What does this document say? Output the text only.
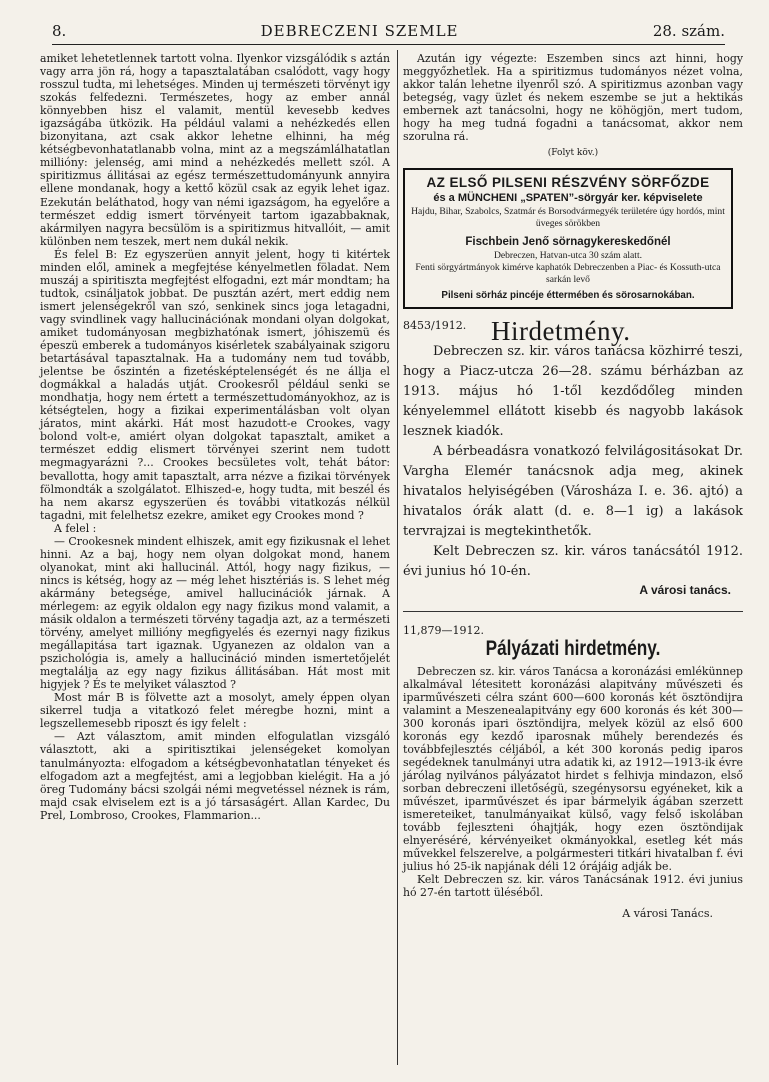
8.	DEBRECZENI SZEMLE	28. szám.

amiket lehetetlennek tartott volna. Ilyenkor vizsgálódik s aztán vagy arra jön rá, hogy a tapasztalatában csalódott, vagy hogy rosszul tudta, mi lehetséges. Minden uj természeti törvényt igy szokás felfedezni. Természetes, hogy az ember annál könnyebben hisz el valamit, mentül kevesebb kedves igazságába ütközik. Ha például valami a nehézkedés ellen bizonyitana, azt csak akkor lehetne elhinni, ha még kétségbevonhatatlanabb volna, mint az a megszámlálhatatlan millióny: jelenség, ami mind a nehézkedés mellett szól. A spiritizmus állitásai az egész természettudományunk annyira ellene mondanak, hogy a kettő közül csak az egyik lehet igaz. Ezekután beláthatod, hogy van némi igazságom, ha egyelőre a természet eddig ismert törvényeit tartom igazabbaknak, akármilyen nagyra becsülöm is a spiritizmus hitvallóit, — amit különben nem teszek, mert nem dukál nekik.

És felel B: Ez egyszerüen annyit jelent, hogy ti kitértek minden elől, aminek a megfejtése kényelmetlen föladat. Nem muszáj a spiritiszta megfejtést elfogadni, ezt már mondtam; ha tudtok, csináljatok jobbat. De pusztán azért, mert eddig nem ismert jelenségekről van szó, senkinek sincs joga letagadni, vagy svindlinek vagy hallucinációnak mondani olyan dolgokat, amiket tudományosan megbizhatónak ismert, jóhiszemü és épeszü emberek a tudományos kisérletek szabályainak szigoru betartásával tapasztalnak. Ha a tudomány nem tud tovább, jelentse be őszintén a fizetésképtelenségét és ne állja el dogmákkal a haladás utját. Crookesről például senki se mondhatja, hogy nem értett a természettudományokhoz, az is kétségtelen, hogy a fizikai experimentálásban volt olyan járatos, mint akárki. Hát most hazudott-e Crookes, vagy bolond volt-e, amiért olyan dolgokat tapasztalt, amiket a természet eddig elismert törvényei szerint nem tudott megmagyarázni ?... Crookes becsületes volt, tehát bátor: bevallotta, hogy amit tapasztalt, arra nézve a fizikai törvények fölmondták a szolgálatot. Elhiszed-e, hogy tudta, mit beszél és ha nem akarsz egyszerüen és további vitatkozás nélkül tagadni, mit felelhetsz ezekre, amiket egy Crookes mond ?

A felel :

— Crookesnek mindent elhiszek, amit egy fizikusnak el lehet hinni. Az a baj, hogy nem olyan dolgokat mond, hanem olyanokat, mint aki hallucinál. Attól, hogy nagy fizikus, — nincs is kétség, hogy az — még lehet hisztériás is. S lehet még akármány betegsége, amivel hallucinációk járnak. A mérlegem: az egyik oldalon egy nagy fizikus mond valamit, a másik oldalon a természeti törvény tagadja azt, az a természeti törvény, amelyet millióny megfigyelés és ezernyi nagy fizikus megállapitása tart igaznak. Ugyanezen az oldalon van a pszichológia is, amely a hallucináció minden ismertetőjelét megtalálja az egy nagy fizikus állitásában. Hát most mit higyjek ? És te melyiket választod ?

Most már B is fölvette azt a mosolyt, amely éppen olyan sikerrel tudja a vitatkozó felet méregbe hozni, mint a legszellemesebb riposzt és igy felelt :

— Azt választom, amit minden elfogulatlan vizsgáló választott, aki a spiritisztikai jelenségeket komolyan tanulmányozta: elfogadom a kétségbevonhatatlan tényeket és elfogadom azt a megfejtést, ami a legjobban kielégit. Ha a jó öreg Tudomány bácsi szolgái némi megvetéssel néznek is rám, majd csak elviselem ezt is a jó társaságért. Allan Kardec, Du Prel, Lombroso, Crookes, Flammarion...

Azután igy végezte: Eszemben sincs azt hinni, hogy meggyőzhetlek. Ha a spiritizmus tudományos nézet volna, akkor talán lehetne ilyenről szó. A spiritizmus azonban vagy betegség, vagy üzlet és nekem eszembe se jut a hektikás embernek azt tanácsolni, hogy ne köhögjön, mert tudom, hogy ha meg tudná fogadni a tanácsomat, akkor nem szorulna rá.

(Folyt köv.)
AZ ELSŐ PILSENI RÉSZVÉNY SÖRFŐZDE
és a MÜNCHENI „SPATEN”-sörgyár ker. képviselete
Hajdu, Bihar, Szabolcs, Szatmár és Borsodvármegyék területére úgy hordós, mint üveges sörökben
Fischbein Jenő sörnagykereskedőnél
Debreczen, Hatvan-utca 30 szám alatt.
Fenti sörgyártmányok kimérve kaphatók Debreczenben a Piac- és Kossuth-utca sarkán levő
Pilseni sörház pincéje éttermében és sörosarnokában.
8453/1912. Hirdetmény.

Debreczen sz. kir. város tanácsa közhirré teszi, hogy a Piacz-utcza 26—28. számu bérházban az 1913. május hó 1-től kezdődőleg minden kényelemmel ellátott kisebb és nagyobb lakások lesznek kiadók.

A bérbeadásra vonatkozó felvilágositásokat Dr. Vargha Elemér tanácsnok adja meg, akinek hivatalos helyiségében (Városháza I. e. 36. ajtó) a hivatalos órák alatt (d. e. 8—1 ig) a lakások tervrajzai is megtekinthetők.

Kelt Debreczen sz. kir. város tanácsától 1912. évi junius hó 10-én.

A városi tanács.
11,879—1912.
Pályázati hirdetmény.

Debreczen sz. kir. város Tanácsa a koronázási emlékünnep alkalmával létesitett koronázási alapitvány művészeti és iparművészeti célra szánt 600—600 koronás két ösztöndijra valamint a Meszenealapitvány egy 600 koronás és két 300—300 koronás ipari ösztöndijra, melyek közül az első 600 koronás egy kezdő iparosnak műhely berendezés és továbbfejlesztés céljából, a két 300 koronás pedig iparos segédeknek tanulmányi utra adatik ki, az 1912—1913-ik évre járólag nyilvános pályázatot hirdet s felhivja mindazon, első sorban debreczeni illetőségü, szegénysorsu egyéneket, kik a művészet, iparművészet és ipar bármelyik ágában szerzett ismereteiket, tanulmányaikat külső, vagy felső iskolában tovább fejleszteni óhajtják, hogy ezen ösztöndijak elnyeréséré, kérvényeiket okmányokkal, esetleg két más művekkel felszerelve, a polgármesteri titkári hivatalban f. évi julius hó 25-ik napjának déli 12 órájáig adják be.

Kelt Debreczen sz. kir. város Tanácsának 1912. évi junius hó 27-én tartott üléséből.

A városi Tanács.
